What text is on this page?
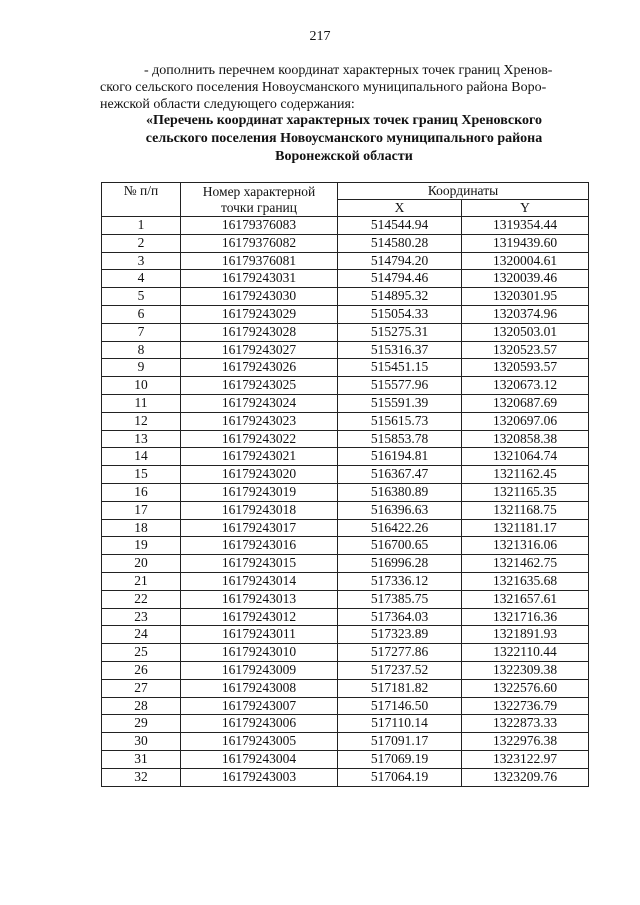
217
- дополнить перечнем координат характерных точек границ Хренов-
ского сельского поселения Новоусманского муниципального района Воро-
нежской области следующего содержания:
«Перечень координат характерных точек границ Хреновского
сельского поселения Новоусманского муниципального района
Воронежской области
№ п/п	Номер характерной
точки границ	Координаты	
		X	Y
1	16179376083	514544.94	1319354.44
2	16179376082	514580.28	1319439.60
3	16179376081	514794.20	1320004.61
4	16179243031	514794.46	1320039.46
5	16179243030	514895.32	1320301.95
6	16179243029	515054.33	1320374.96
7	16179243028	515275.31	1320503.01
8	16179243027	515316.37	1320523.57
9	16179243026	515451.15	1320593.57
10	16179243025	515577.96	1320673.12
11	16179243024	515591.39	1320687.69
12	16179243023	515615.73	1320697.06
13	16179243022	515853.78	1320858.38
14	16179243021	516194.81	1321064.74
15	16179243020	516367.47	1321162.45
16	16179243019	516380.89	1321165.35
17	16179243018	516396.63	1321168.75
18	16179243017	516422.26	1321181.17
19	16179243016	516700.65	1321316.06
20	16179243015	516996.28	1321462.75
21	16179243014	517336.12	1321635.68
22	16179243013	517385.75	1321657.61
23	16179243012	517364.03	1321716.36
24	16179243011	517323.89	1321891.93
25	16179243010	517277.86	1322110.44
26	16179243009	517237.52	1322309.38
27	16179243008	517181.82	1322576.60
28	16179243007	517146.50	1322736.79
29	16179243006	517110.14	1322873.33
30	16179243005	517091.17	1322976.38
31	16179243004	517069.19	1323122.97
32	16179243003	517064.19	1323209.76
